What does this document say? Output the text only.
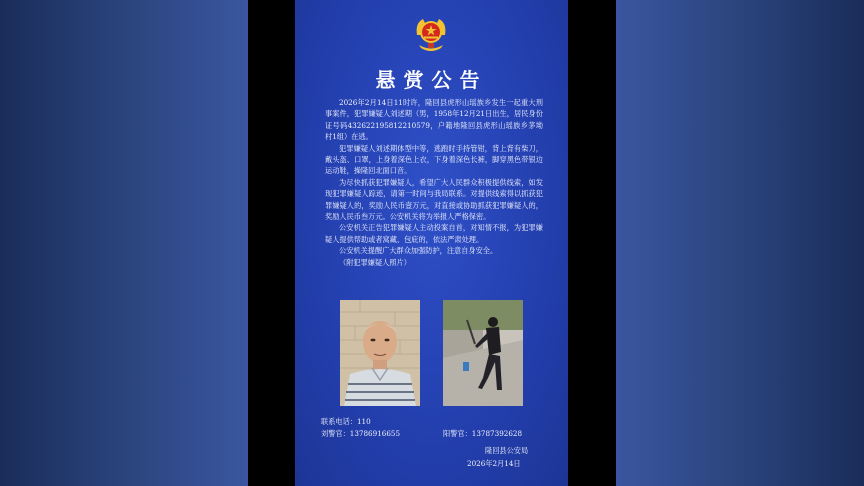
悬赏公告

2026年2月14日11时许，隆回县虎形山瑶族乡发生一起重大刑事案件，犯罪嫌疑人刘述期（男，1958年12月21日出生，居民身份证号码432622195812210579，户籍地隆回县虎形山瑶族乡茅坳村1组）在逃。

犯罪嫌疑人刘述期体型中等，逃跑时手持管钳，背上背有柴刀，戴头盔、口罩，上身着深色上衣，下身着深色长裤，脚穿黑色带银边运动鞋，操隆回北面口音。

为尽快抓获犯罪嫌疑人，希望广大人民群众积极提供线索，如发现犯罪嫌疑人踪迹，请第一时间与我局联系。对提供线索得以抓获犯罪嫌疑人的，奖励人民币壹万元，对直接或协助抓获犯罪嫌疑人的，奖励人民币叁万元。公安机关将为举报人严格保密。

公安机关正告犯罪嫌疑人主动投案自首，对知情不报，为犯罪嫌疑人提供帮助或者窝藏、包庇的，依法严肃处理。

公安机关提醒广大群众加强防护，注意自身安全。

（附犯罪嫌疑人照片）

联系电话：110
刘警官：13786916655	阳警官：13787392628
隆回县公安局
2026年2月14日
